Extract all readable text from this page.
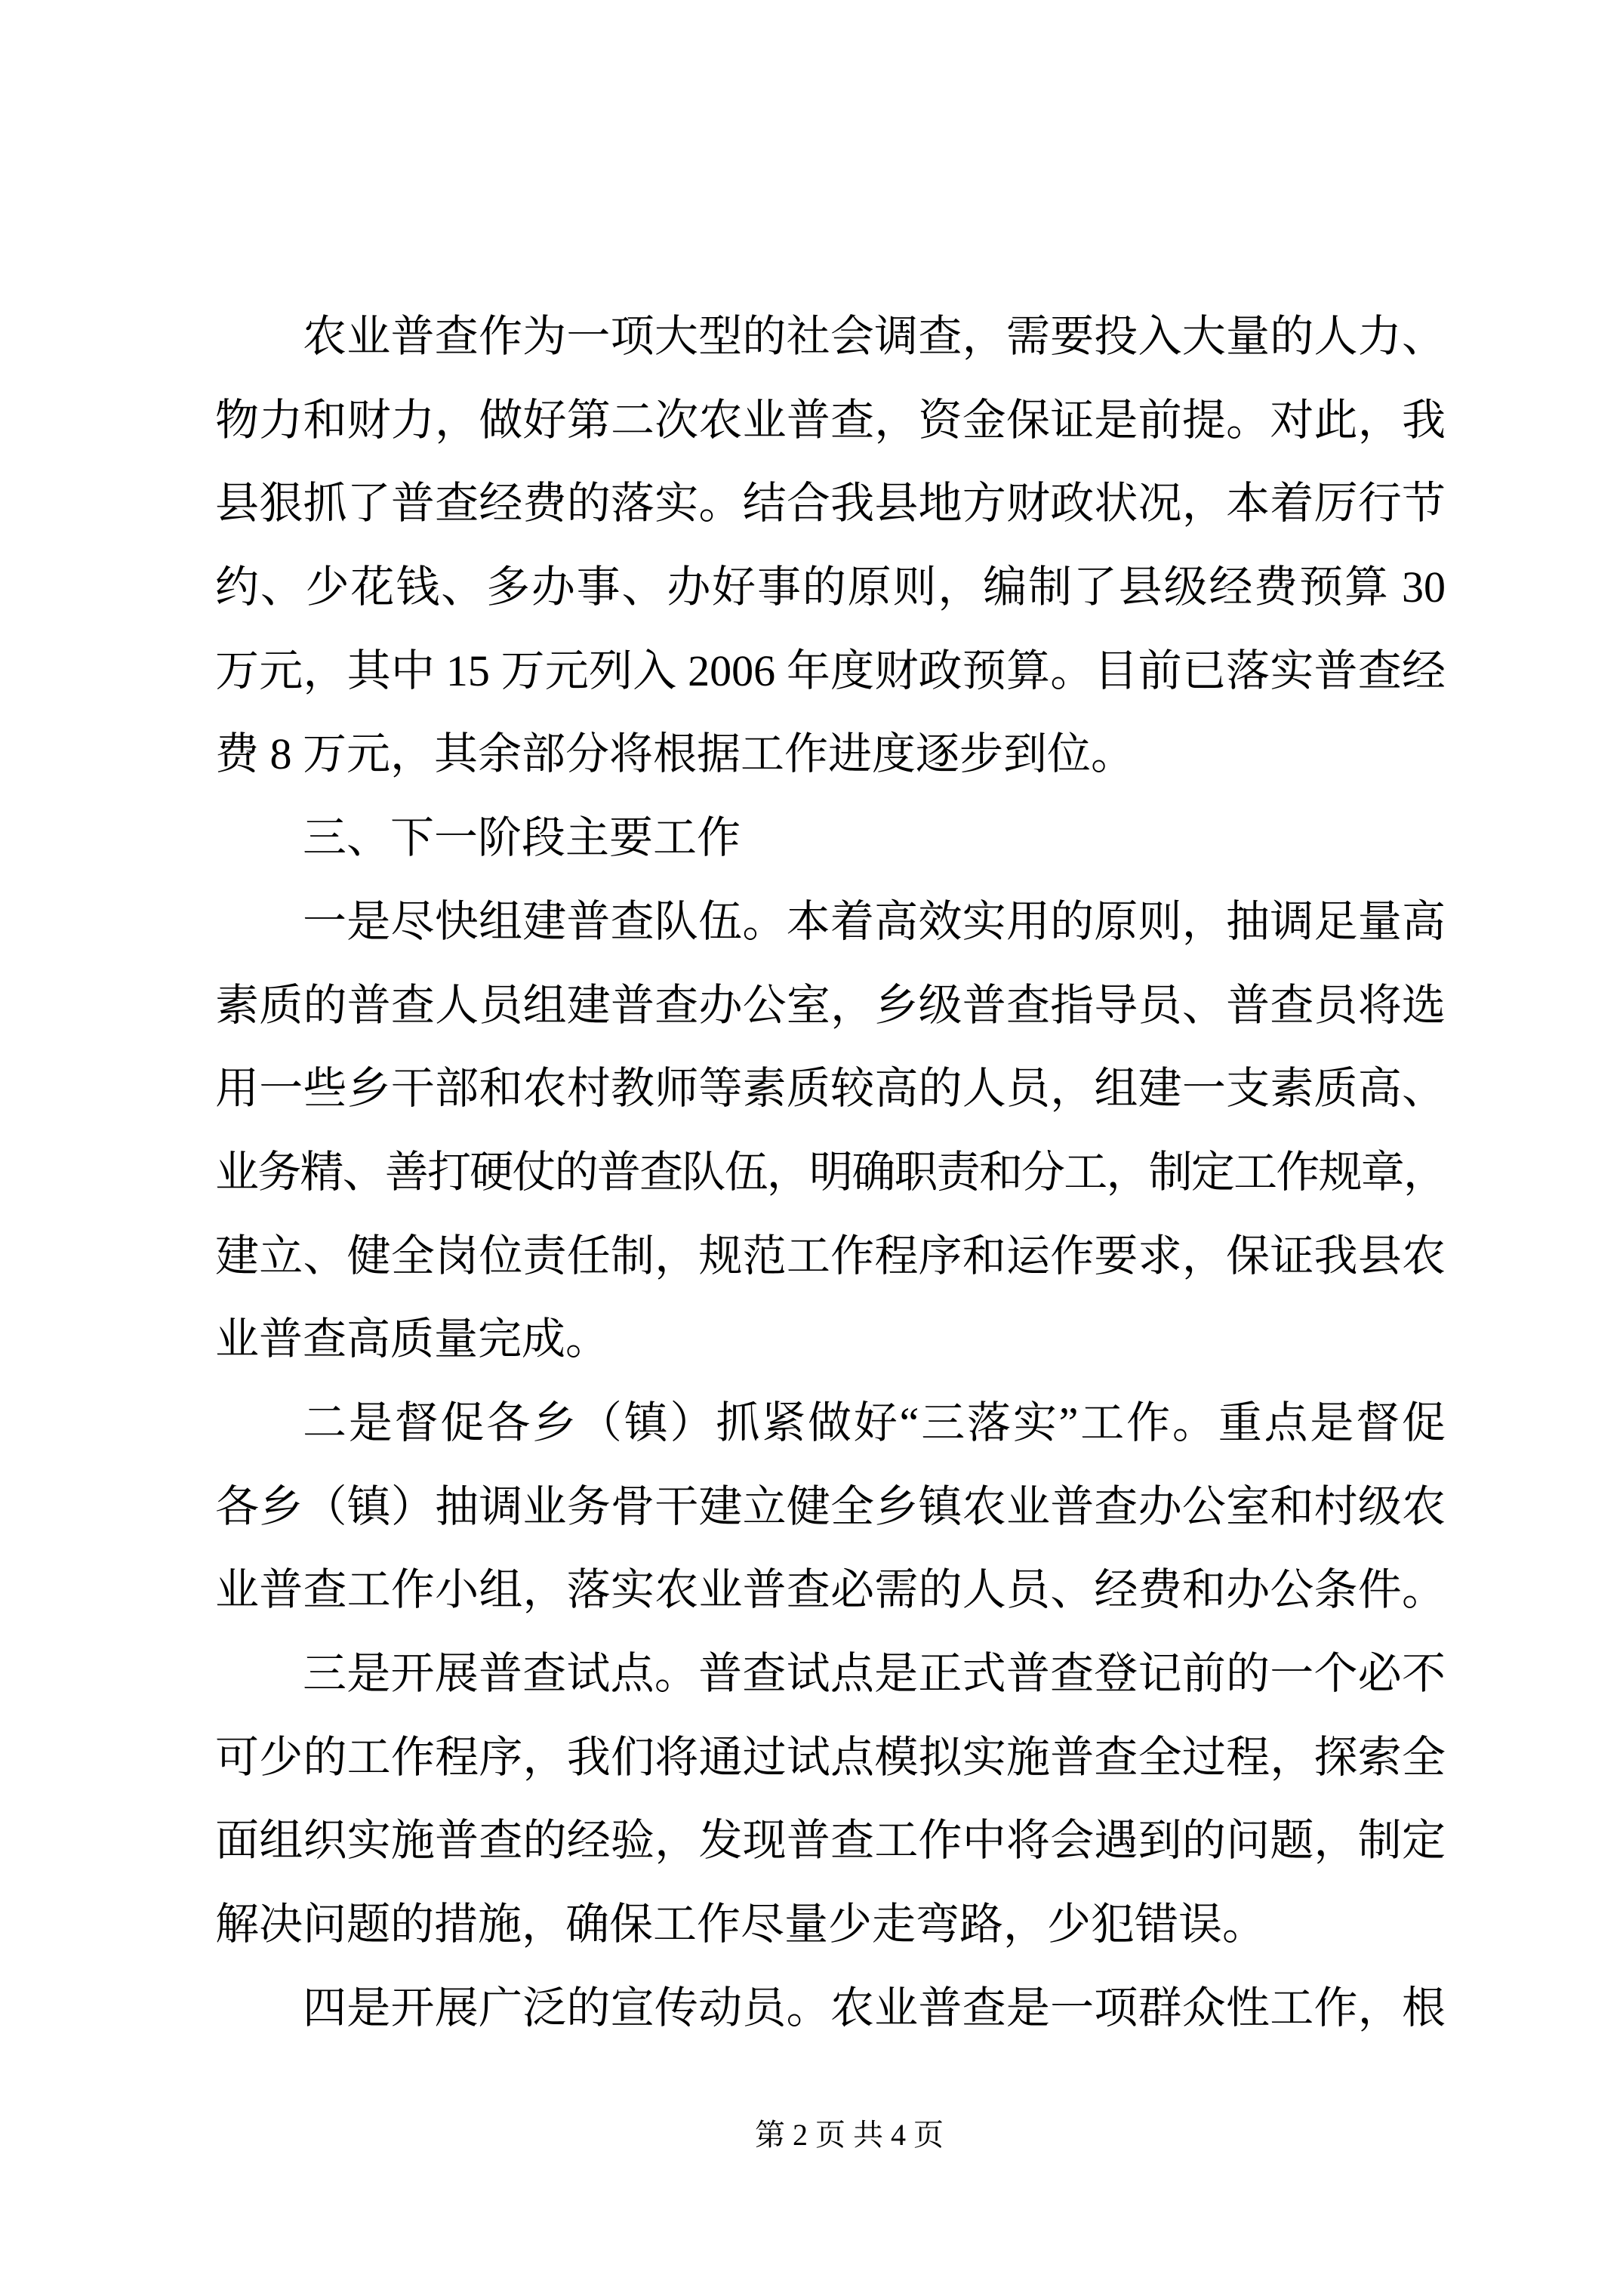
农业普查作为一项大型的社会调查，需要投入大量的人力、
物力和财力，做好第二次农业普查，资金保证是前提。对此，我
县狠抓了普查经费的落实。结合我县地方财政状况，本着厉行节
约、少花钱、多办事、办好事的原则，编制了县级经费预算 30
万元，其中 15 万元列入 2006 年度财政预算。目前已落实普查经
费 8 万元，其余部分将根据工作进度逐步到位。
三、下一阶段主要工作
一是尽快组建普查队伍。本着高效实用的原则，抽调足量高
素质的普查人员组建普查办公室，乡级普查指导员、普查员将选
用一些乡干部和农村教师等素质较高的人员，组建一支素质高、
业务精、善打硬仗的普查队伍，明确职责和分工，制定工作规章，
建立、健全岗位责任制，规范工作程序和运作要求，保证我县农
业普查高质量完成。
二是督促各乡（镇）抓紧做好“三落实”工作。重点是督促
各乡（镇）抽调业务骨干建立健全乡镇农业普查办公室和村级农
业普查工作小组，落实农业普查必需的人员、经费和办公条件。
三是开展普查试点。普查试点是正式普查登记前的一个必不
可少的工作程序，我们将通过试点模拟实施普查全过程，探索全
面组织实施普查的经验，发现普查工作中将会遇到的问题，制定
解决问题的措施，确保工作尽量少走弯路，少犯错误。
四是开展广泛的宣传动员。农业普查是一项群众性工作，根
第 2 页 共 4 页
